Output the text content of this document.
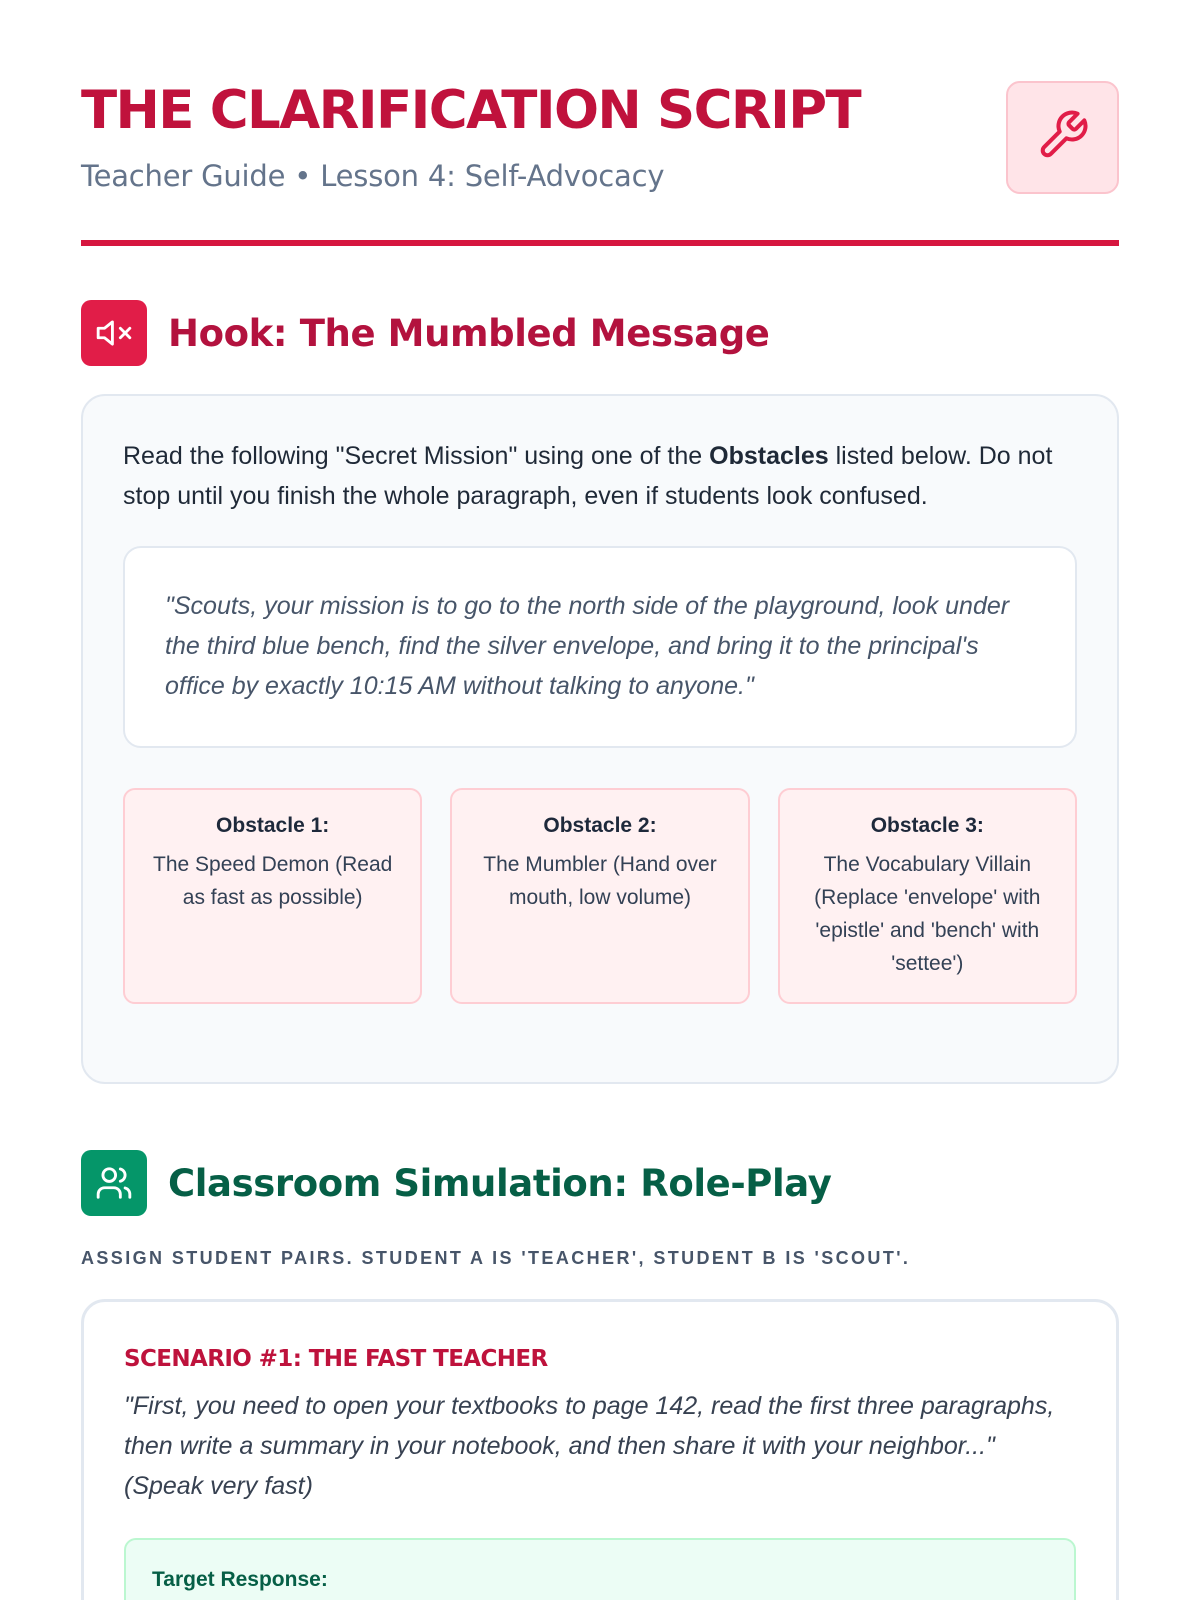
THE CLARIFICATION SCRIPT
Teacher Guide • Lesson 4: Self-Advocacy
Hook: The Mumbled Message

Read the following "Secret Mission" using one of the Obstacles listed below. Do not stop until you finish the whole paragraph, even if students look confused.

"Scouts, your mission is to go to the north side of the playground, look under the third blue bench, find the silver envelope, and bring it to the principal's office by exactly 10:15 AM without talking to anyone."
Obstacle 1:
The Speed Demon (Read as fast as possible)
Obstacle 2:
The Mumbler (Hand over mouth, low volume)
Obstacle 3:
The Vocabulary Villain (Replace 'envelope' with 'epistle' and 'bench' with 'settee')
Classroom Simulation: Role-Play
ASSIGN STUDENT PAIRS. STUDENT A IS 'TEACHER', STUDENT B IS 'SCOUT'.
SCENARIO #1: THE FAST TEACHER
"First, you need to open your textbooks to page 142, read the first three paragraphs, then write a summary in your notebook, and then share it with your neighbor..." (Speak very fast)
Target Response:
